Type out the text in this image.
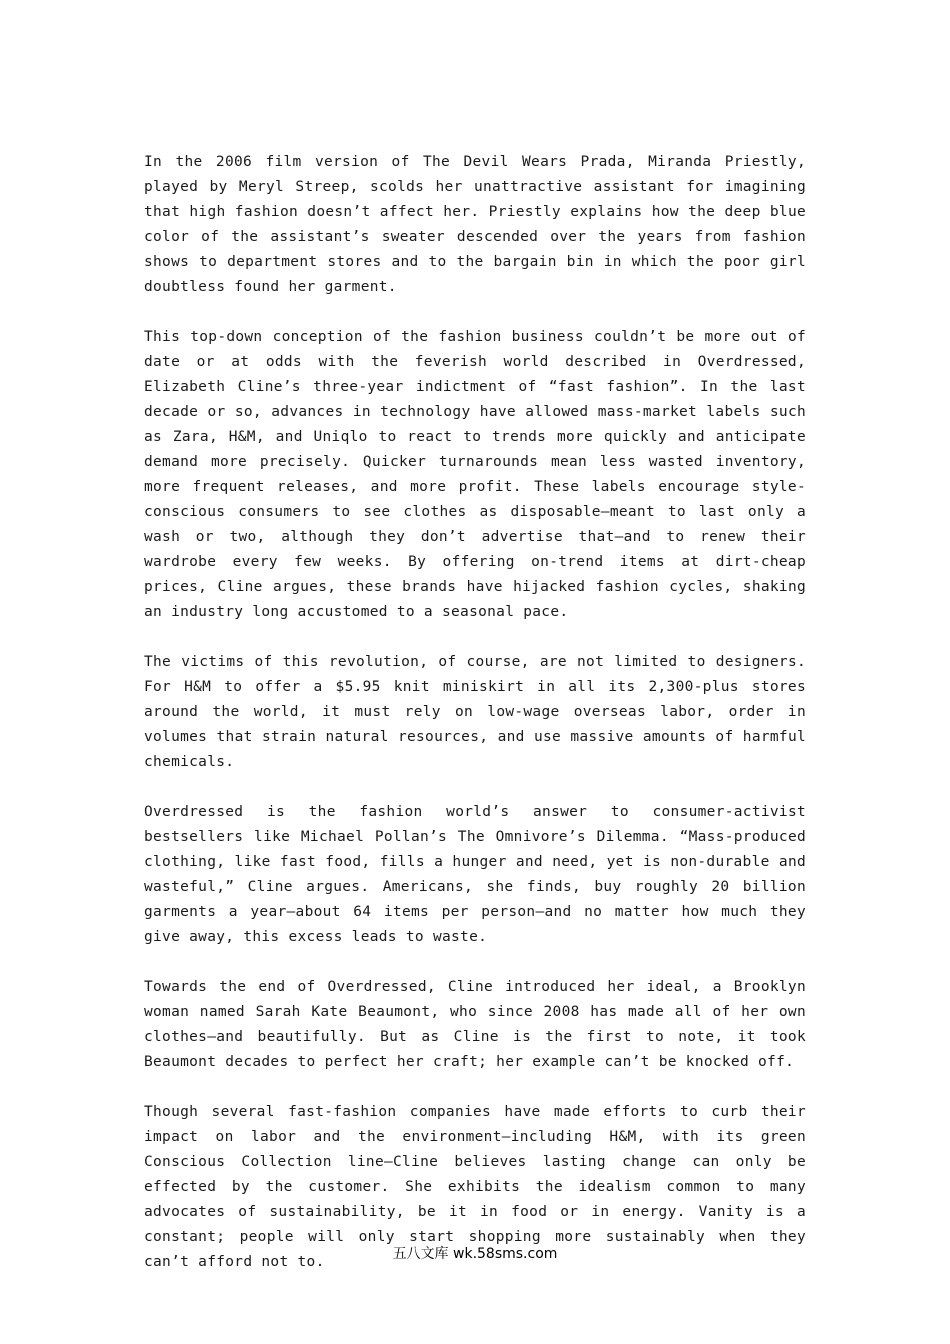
In the 2006 film version of The Devil Wears Prada, Miranda Priestly, played by Meryl Streep, scolds her unattractive assistant for imagining that high fashion doesn’t affect her. Priestly explains how the deep blue color of the assistant’s sweater descended over the years from fashion shows to department stores and to the bargain bin in which the poor girl doubtless found her garment.

This top-down conception of the fashion business couldn’t be more out of date or at odds with the feverish world described in Overdressed, Elizabeth Cline’s three-year indictment of “fast fashion”. In the last decade or so, advances in technology have allowed mass-market labels such as Zara, H&M, and Uniqlo to react to trends more quickly and anticipate demand more precisely. Quicker turnarounds mean less wasted inventory, more frequent releases, and more profit. These labels encourage style-conscious consumers to see clothes as disposable—meant to last only a wash or two, although they don’t advertise that—and to renew their wardrobe every few weeks. By offering on-trend items at dirt-cheap prices, Cline argues, these brands have hijacked fashion cycles, shaking an industry long accustomed to a seasonal pace.

The victims of this revolution, of course, are not limited to designers. For H&M to offer a $5.95 knit miniskirt in all its 2,300-plus stores around the world, it must rely on low-wage overseas labor, order in volumes that strain natural resources, and use massive amounts of harmful chemicals.

Overdressed is the fashion world’s answer to consumer-activist bestsellers like Michael Pollan’s The Omnivore’s Dilemma. “Mass-produced clothing, like fast food, fills a hunger and need, yet is non-durable and wasteful,” Cline argues. Americans, she finds, buy roughly 20 billion garments a year—about 64 items per person—and no matter how much they give away, this excess leads to waste.

Towards the end of Overdressed, Cline introduced her ideal, a Brooklyn woman named Sarah Kate Beaumont, who since 2008 has made all of her own clothes—and beautifully. But as Cline is the first to note, it took Beaumont decades to perfect her craft; her example can’t be knocked off.

Though several fast-fashion companies have made efforts to curb their impact on labor and the environment—including H&M, with its green Conscious Collection line—Cline believes lasting change can only be effected by the customer. She exhibits the idealism common to many advocates of sustainability, be it in food or in energy. Vanity is a constant; people will only start shopping more sustainably when they can’t afford not to.	五八文库 wk.58sms.com
